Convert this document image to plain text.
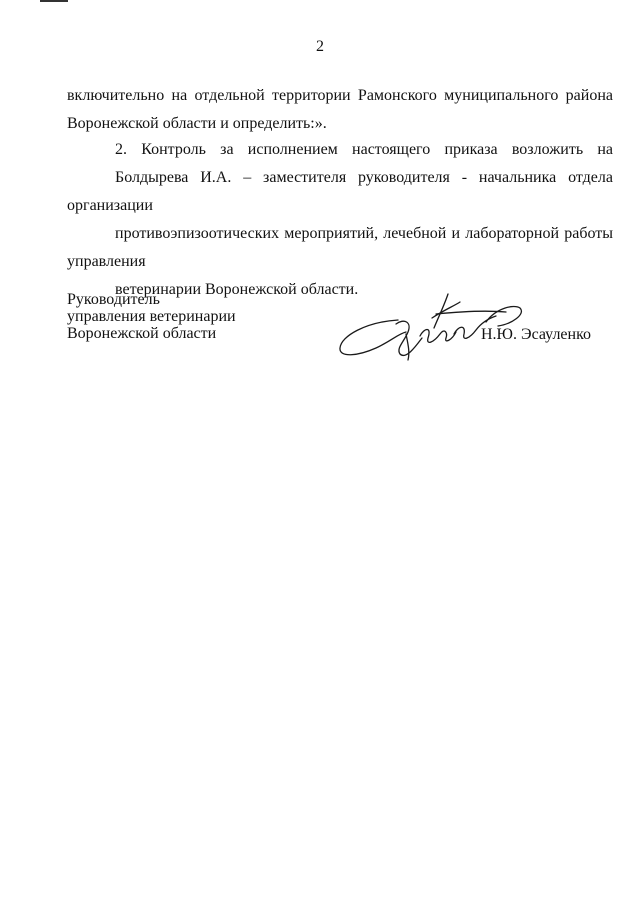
2
включительно на отдельной территории Рамонского муниципального района
Воронежской области и определить:».
2. Контроль за исполнением настоящего приказа возложить на
Болдырева И.А. – заместителя руководителя - начальника отдела организации
противоэпизоотических мероприятий, лечебной и лабораторной работы управления
ветеринарии Воронежской области.
Руководитель
управления ветеринарии
Воронежской области	Н.Ю. Эсауленко
